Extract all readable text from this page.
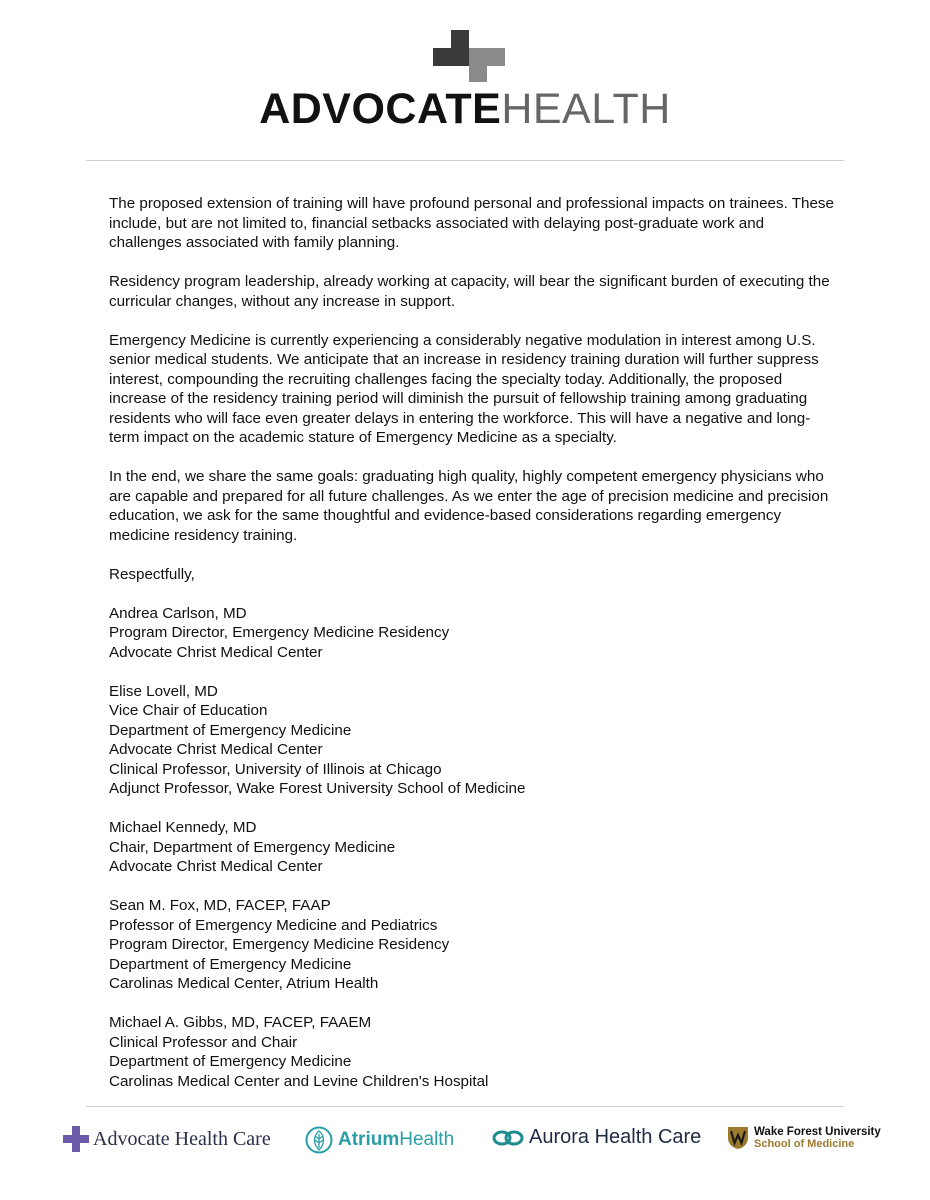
ADVOCATEHEALTH

The proposed extension of training will have profound personal and professional impacts on trainees. These include, but are not limited to, financial setbacks associated with delaying post-graduate work and challenges associated with family planning.

Residency program leadership, already working at capacity, will bear the significant burden of executing the curricular changes, without any increase in support.

Emergency Medicine is currently experiencing a considerably negative modulation in interest among U.S. senior medical students. We anticipate that an increase in residency training duration will further suppress interest, compounding the recruiting challenges facing the specialty today. Additionally, the proposed increase of the residency training period will diminish the pursuit of fellowship training among graduating residents who will face even greater delays in entering the workforce. This will have a negative and long-term impact on the academic stature of Emergency Medicine as a specialty.

In the end, we share the same goals: graduating high quality, highly competent emergency physicians who are capable and prepared for all future challenges. As we enter the age of precision medicine and precision education, we ask for the same thoughtful and evidence-based considerations regarding emergency medicine residency training.

Respectfully,
Andrea Carlson, MD
Program Director, Emergency Medicine Residency
Advocate Christ Medical Center
Elise Lovell, MD
Vice Chair of Education
Department of Emergency Medicine
Advocate Christ Medical Center
Clinical Professor, University of Illinois at Chicago
Adjunct Professor, Wake Forest University School of Medicine
Michael Kennedy, MD
Chair, Department of Emergency Medicine
Advocate Christ Medical Center
Sean M. Fox, MD, FACEP, FAAP
Professor of Emergency Medicine and Pediatrics
Program Director, Emergency Medicine Residency
Department of Emergency Medicine
Carolinas Medical Center, Atrium Health
Michael A. Gibbs, MD, FACEP, FAAEM
Clinical Professor and Chair
Department of Emergency Medicine
Carolinas Medical Center and Levine Children's Hospital
Advocate Health Care	AtriumHealth	Aurora Health Care	Wake Forest University
School of Medicine
